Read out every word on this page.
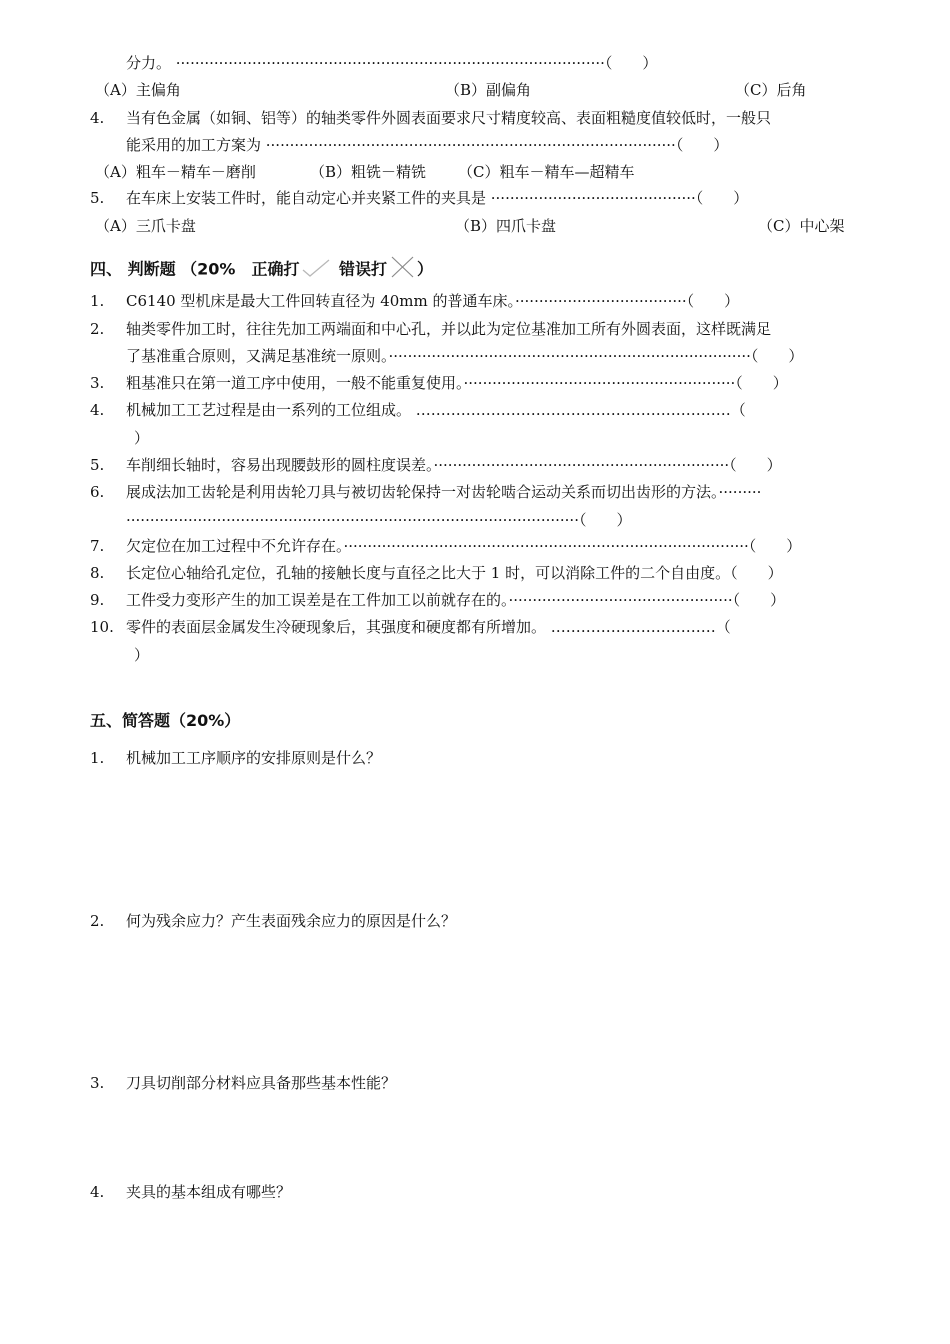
分力。 ··························································································（　　）
（A）主偏角	（B）副偏角	（C）后角
4. 当有色金属（如铜、铝等）的轴类零件外圆表面要求尺寸精度较高、表面粗糙度值较低时，一般只
能采用的加工方案为 ······················································································（　　）
（A）粗车－精车－磨削	（B）粗铣－精铣 （C）粗车－精车—超精车
5. 在车床上安装工件时，能自动定心并夹紧工件的夹具是 ···········································（　　）
（A）三爪卡盘	（B）四爪卡盘	（C）中心架
四、 判断题 （20%　正确打 错误打 ）
1. C6140 型机床是最大工件回转直径为 40mm 的普通车床。····································（　　）
2. 轴类零件加工时，往往先加工两端面和中心孔，并以此为定位基准加工所有外圆表面，这样既满足
了基准重合原则，又满足基准统一原则。············································································（　　）
3. 粗基准只在第一道工序中使用，一般不能重复使用。·························································（　　）
4. 机械加工工艺过程是由一系列的工位组成。 ………………………………………………………（
）
5. 车削细长轴时，容易出现腰鼓形的圆柱度误差。······························································（　　）
6. 展成法加工齿轮是利用齿轮刀具与被切齿轮保持一对齿轮啮合运动关系而切出齿形的方法。·········
·······························································································（　　）
7. 欠定位在加工过程中不允许存在。·····················································································（　　）
8. 长定位心轴给孔定位，孔轴的接触长度与直径之比大于 1 时，可以消除工件的二个自由度。（　　）
9. 工件受力变形产生的加工误差是在工件加工以前就存在的。···············································（　　）
10. 零件的表面层金属发生冷硬现象后，其强度和硬度都有所增加。 ……………………………（
）
五、简答题（20%）
1. 机械加工工序顺序的安排原则是什么？
2. 何为残余应力？产生表面残余应力的原因是什么？
3. 刀具切削部分材料应具备那些基本性能？
4. 夹具的基本组成有哪些？
